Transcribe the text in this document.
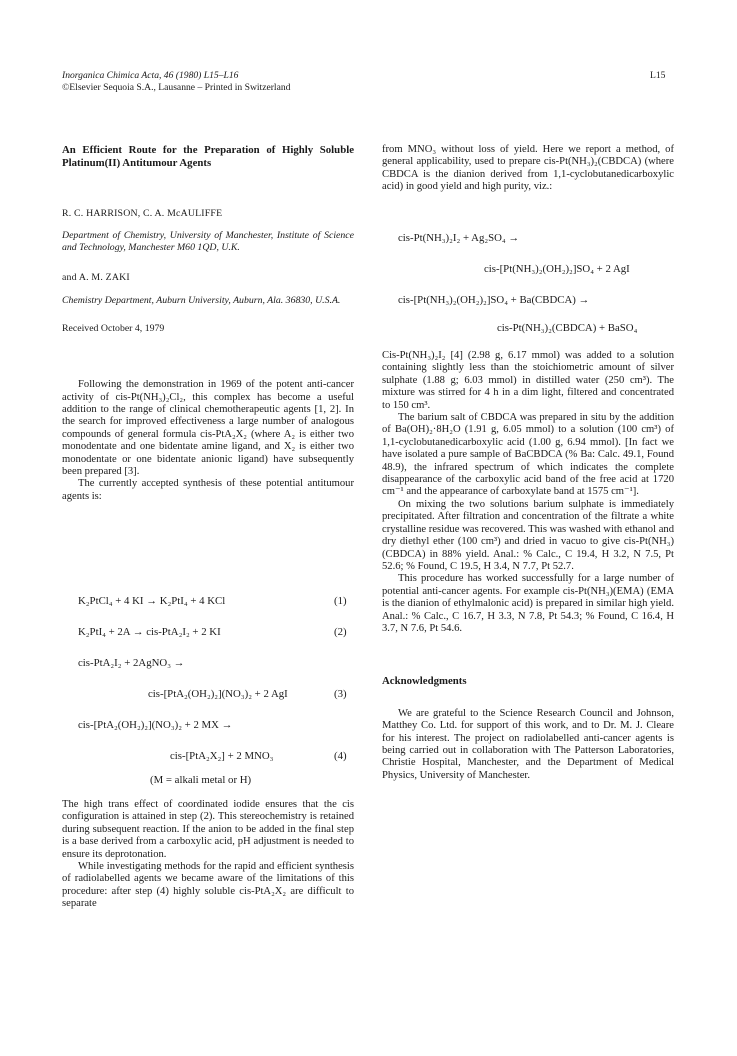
Inorganica Chimica Acta, 46 (1980) L15–L16
©Elsevier Sequoia S.A., Lausanne – Printed in Switzerland
L15
An Efficient Route for the Preparation of Highly Soluble Platinum(II) Antitumour Agents
R. C. HARRISON, C. A. McAULIFFE
Department of Chemistry, University of Manchester, Institute of Science and Technology, Manchester M60 1QD, U.K.
and A. M. ZAKI
Chemistry Department, Auburn University, Auburn, Ala. 36830, U.S.A.
Received October 4, 1979

Following the demonstration in 1969 of the potent anti-cancer activity of cis-Pt(NH₃)₂Cl₂, this complex has become a useful addition to the range of clinical chemotherapeutic agents [1, 2]. In the search for improved effectiveness a large number of analogous compounds of general formula cis-PtA₂X₂ (where A₂ is either two monodentate and one bidentate amine ligand, and X₂ is either two monodentate or one bidentate anionic ligand) have subsequently been prepared [3].

The currently accepted synthesis of these potential antitumour agents is:

K₂PtCl₄ + 4 KI → K₂PtI₄ + 4 KCl	(1)
K₂PtI₄ + 2A → cis-PtA₂I₂ + 2 KI	(2)
cis-PtA₂I₂ + 2AgNO₃ →
cis-[PtA₂(OH₂)₂](NO₃)₂ + 2 AgI	(3)
cis-[PtA₂(OH₂)₂](NO₃)₂ + 2 MX →
cis-[PtA₂X₂] + 2 MNO₃	(4)
(M = alkali metal or H)
The high trans effect of coordinated iodide ensures that the cis configuration is attained in step (2). This stereochemistry is retained during subsequent reaction. If the anion to be added in the final step is a base derived from a carboxylic acid, pH adjustment is needed to ensure its deprotonation.

While investigating methods for the rapid and efficient synthesis of radiolabelled agents we became aware of the limitations of this procedure: after step (4) highly soluble cis-PtA₂X₂ are difficult to separate

from MNO₃ without loss of yield. Here we report a method, of general applicability, used to prepare cis-Pt(NH₃)₂(CBDCA) (where CBDCA is the dianion derived from 1,1-cyclobutanedicarboxylic acid) in good yield and high purity, viz.:
cis-Pt(NH₃)₂I₂ + Ag₂SO₄ →
cis-[Pt(NH₃)₂(OH₂)₂]SO₄ + 2 AgI
cis-[Pt(NH₃)₂(OH₂)₂]SO₄ + Ba(CBDCA) →
cis-Pt(NH₃)₂(CBDCA) + BaSO₄
Cis-Pt(NH₃)₂I₂ [4] (2.98 g, 6.17 mmol) was added to a solution containing slightly less than the stoichiometric amount of silver sulphate (1.88 g; 6.03 mmol) in distilled water (250 cm³). The mixture was stirred for 4 h in a dim light, filtered and concentrated to 150 cm³.

The barium salt of CBDCA was prepared in situ by the addition of Ba(OH)₂·8H₂O (1.91 g, 6.05 mmol) to a solution (100 cm³) of 1,1-cyclobutanedicarboxylic acid (1.00 g, 6.94 mmol). [In fact we have isolated a pure sample of BaCBDCA (% Ba: Calc. 49.1, Found 48.9), the infrared spectrum of which indicates the complete disappearance of the carboxylic acid band of the free acid at 1720 cm⁻¹ and the appearance of carboxylate band at 1575 cm⁻¹].

On mixing the two solutions barium sulphate is immediately precipitated. After filtration and concentration of the filtrate a white crystalline residue was recovered. This was washed with ethanol and dry diethyl ether (100 cm³) and dried in vacuo to give cis-Pt(NH₃)(CBDCA) in 88% yield. Anal.: % Calc., C 19.4, H 3.2, N 7.5, Pt 52.6; % Found, C 19.5, H 3.4, N 7.7, Pt 52.7.

This procedure has worked successfully for a large number of potential anti-cancer agents. For example cis-Pt(NH₃)(EMA) (EMA is the dianion of ethylmalonic acid) is prepared in similar high yield. Anal.: % Calc., C 16.7, H 3.3, N 7.8, Pt 54.3; % Found, C 16.4, H 3.7, N 7.6, Pt 54.6.

Acknowledgments

We are grateful to the Science Research Council and Johnson, Matthey Co. Ltd. for support of this work, and to Dr. M. J. Cleare for his interest. The project on radiolabelled anti-cancer agents is being carried out in collaboration with The Patterson Laboratories, Christie Hospital, Manchester, and the Department of Medical Physics, University of Manchester.
